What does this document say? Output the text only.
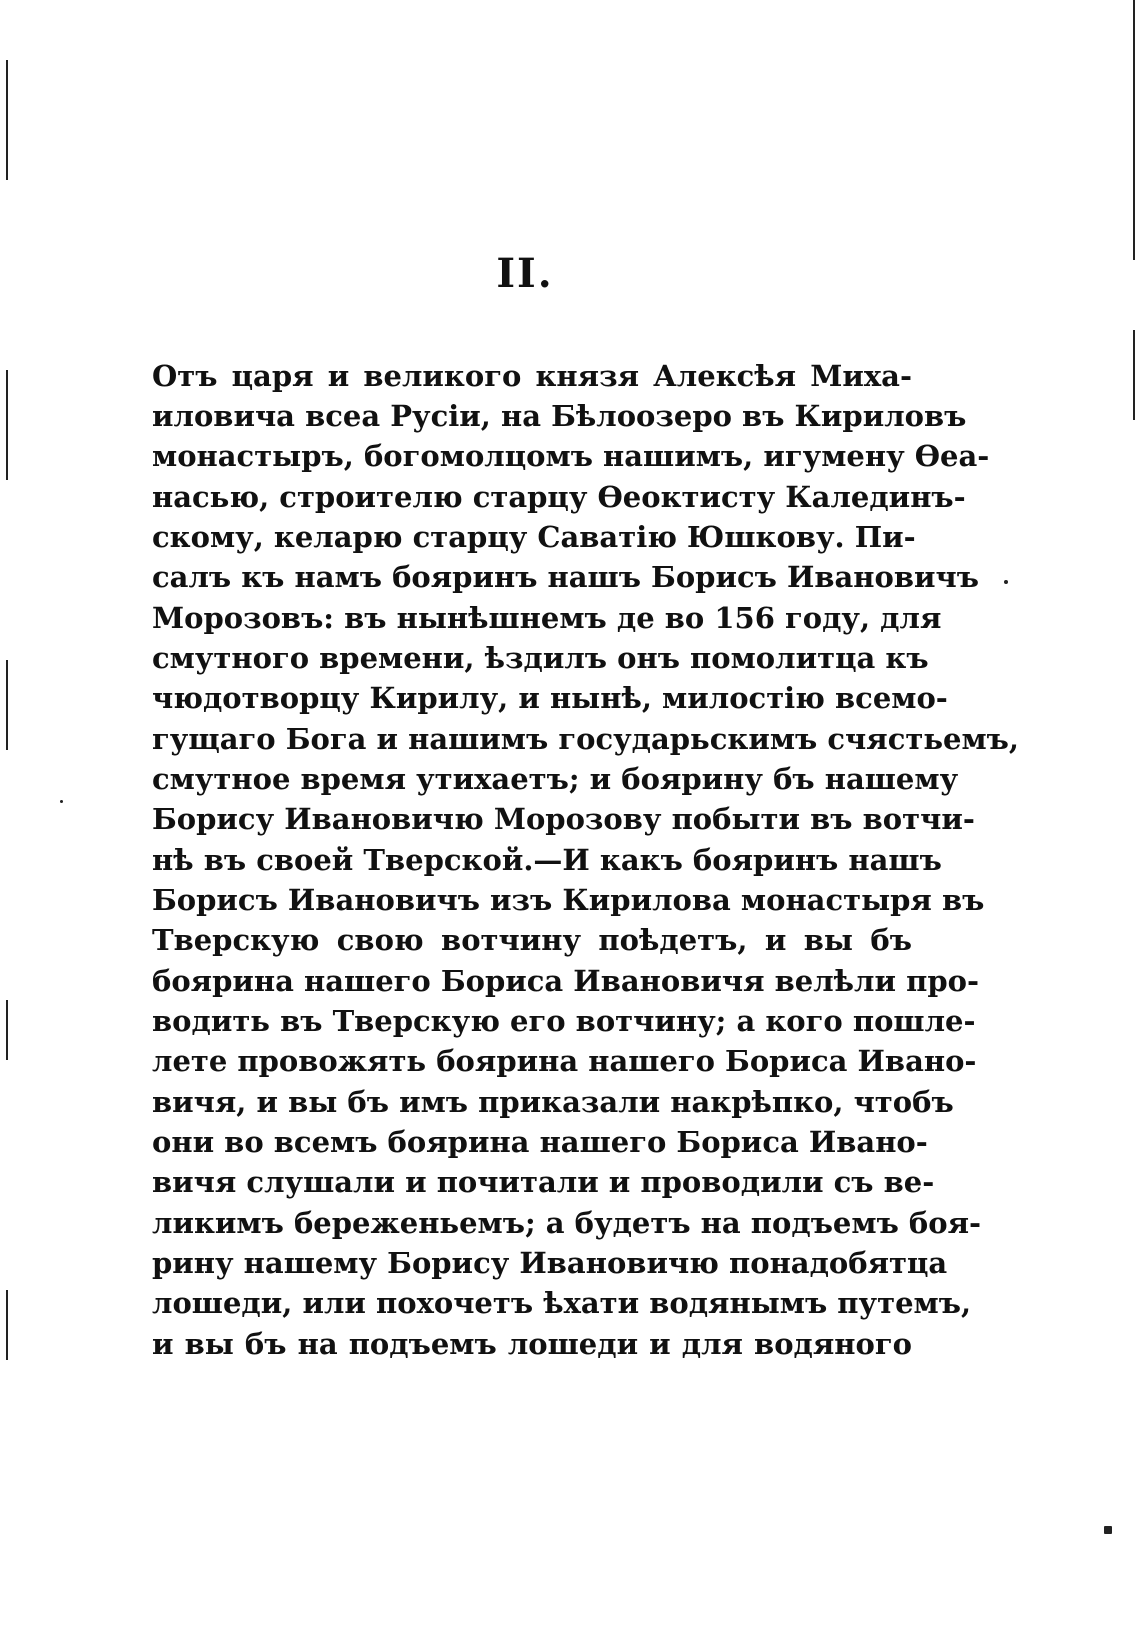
II.
Отъ царя и великого князя Алексѣя Миха-
иловича всеа Русіи, на Бѣлоозеро въ Кириловъ
монастыръ, богомолцомъ нашимъ, игумену Ѳеа-
насью, строителю старцу Ѳеоктисту Калединъ-
скому, келарю старцу Саватію Юшкову. Пи-
салъ къ намъ бояринъ нашъ Борисъ Ивановичъ
Морозовъ: въ нынѣшнемъ де во 156 году, для
смутного времени, ѣздилъ онъ помолитца къ
чюдотворцу Кирилу, и нынѣ, милостію всемо-
гущаго Бога и нашимъ государьскимъ счястьемъ,
смутное время утихаетъ; и боярину бъ нашему
Борису Ивановичю Морозову побыти въ вотчи-
нѣ въ своей Тверской.—И какъ бояринъ нашъ
Борисъ Ивановичъ изъ Кирилова монастыря въ
Тверскую свою вотчину поѣдетъ, и вы бъ
боярина нашего Бориса Ивановичя велѣли про-
водить въ Тверскую его вотчину; а кого пошле-
лете провожять боярина нашего Бориса Ивано-
вичя, и вы бъ имъ приказали накрѣпко, чтобъ
они во всемъ боярина нашего Бориса Ивано-
вичя слушали и почитали и проводили съ ве-
ликимъ береженьемъ; а будетъ на подъемъ боя-
рину нашему Борису Ивановичю понадобятца
лошеди, или похочетъ ѣхати водянымъ путемъ,
и вы бъ на подъемъ лошеди и для водяного
